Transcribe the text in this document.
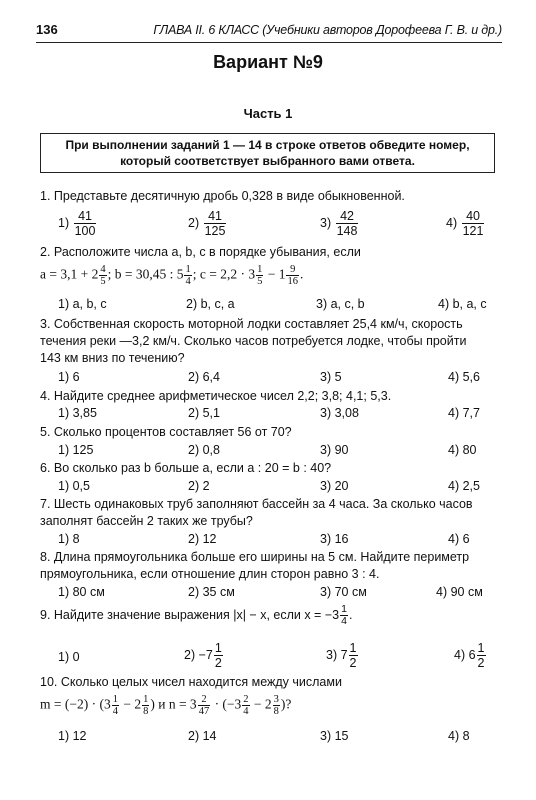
136	ГЛАВА II. 6 КЛАСС (Учебники авторов Дорофеева Г. В. и др.)
Вариант №9
Часть 1
При выполнении заданий 1 — 14 в строке ответов обведите номер, который соответствует выбранного вами ответа.
1. Представьте десятичную дробь 0,328 в виде обыкновенной.
$1) \frac{41}{100}$	$2) \frac{41}{125}$	$3) \frac{42}{148}$	$4) \frac{40}{121}$
2. Расположите числа a, b, c в порядке убывания, если
$a = 3,1 + 2 \frac{4}{5}$ ; b = 30,45 : $5 \frac{1}{4}$ ; $c = 2,2 \cdot 3 \frac{1}{5} - 1 \frac{9}{16}$ .
1) a, b, c	2) b, c, a	3) a, c, b	4) b, a, c
3. Собственная скорость моторной лодки составляет 25,4 км/ч, скорость
течения реки —3,2 км/ч. Сколько часов потребуется лодке, чтобы пройти
143 км вниз по течению?
1) 6	2) 6,4	3) 5	4) 5,6
4. Найдите среднее арифметическое чисел 2,2; 3,8; 4,1; 5,3.
1) 3,85	2) 5,1	3) 3,08	4) 7,7
5. Сколько процентов составляет 56 от 70?
1) 125	2) 0,8	3) 90	4) 80
6. Во сколько раз b больше a, если a : 20 = b : 40?
1) 0,5	2) 2	3) 20	4) 2,5
7. Шесть одинаковых труб заполняют бассейн за 4 часа. За сколько часов
заполнят бассейн 2 таких же трубы?
1) 8	2) 12	3) 16	4) 6
8. Длина прямоугольника больше его ширины на 5 см. Найдите периметр
прямоугольника, если отношение длин сторон равно 3 : 4.
1) 80 см	2) 35 см	3) 70 см	4) 90 см
9. Найдите значение выражения |x| − x, если $x = -3 \frac{1}{4}$ .
1) 0	$2) -7 \frac{1}{2}$	3) $7 \frac{1}{2}$	4) $6 \frac{1}{2}$
10. Сколько целых чисел находится между числами
$m = (-2) \cdot (3 \frac{1}{4} - 2 \frac{1}{8}$ ) и $n = 3 \frac{2}{47} \cdot (-3 \frac{2}{4} - 2 \frac{3}{8}$ )?
1) 12	2) 14	3) 15	4) 8
